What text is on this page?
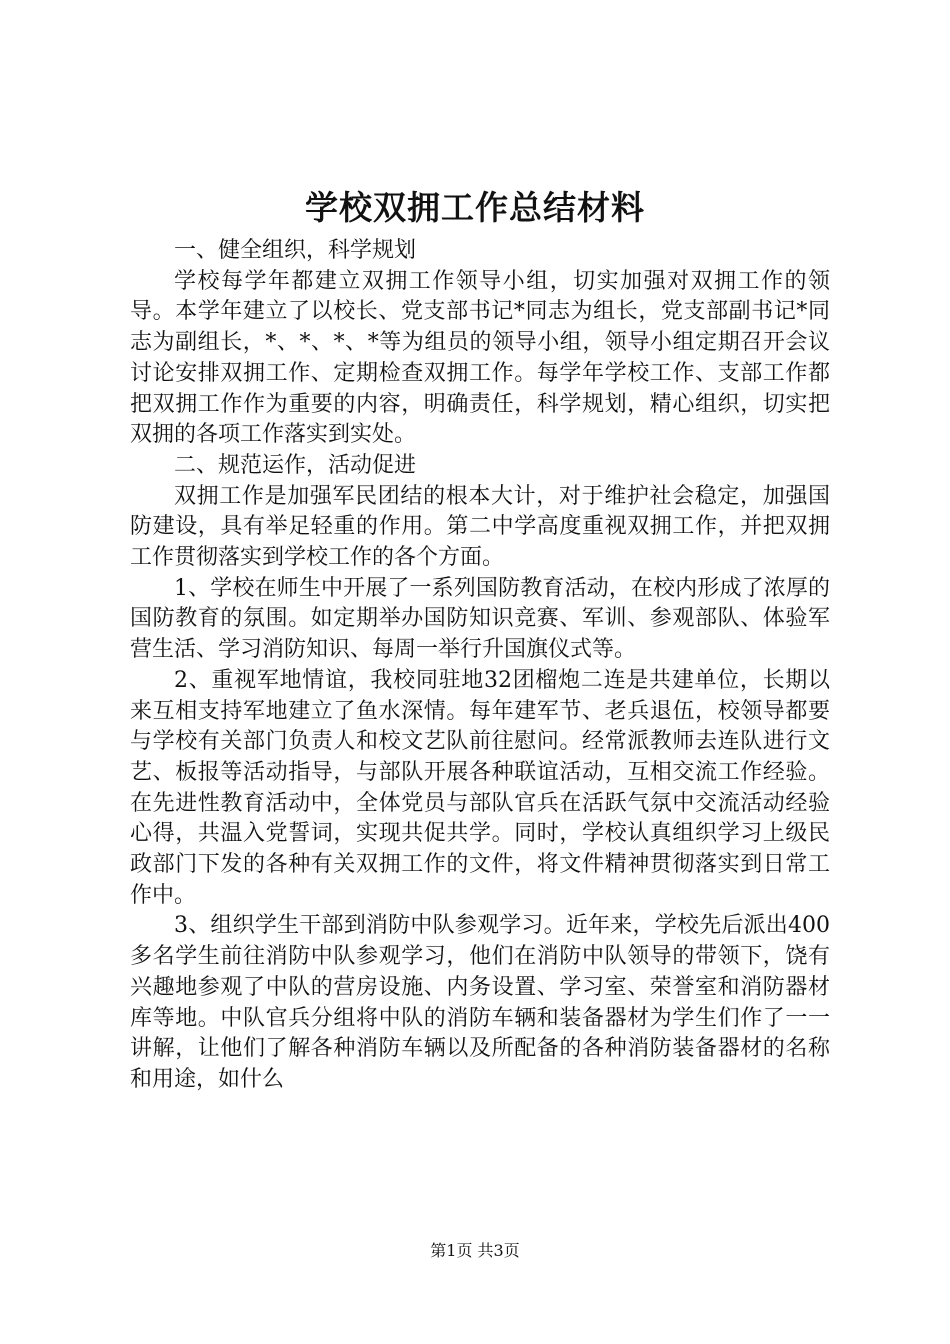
学校双拥工作总结材料

一、健全组织，科学规划

学校每学年都建立双拥工作领导小组，切实加强对双拥工作的领导。本学年建立了以校长、党支部书记*同志为组长，党支部副书记*同志为副组长，*、*、*、*等为组员的领导小组，领导小组定期召开会议讨论安排双拥工作、定期检查双拥工作。每学年学校工作、支部工作都把双拥工作作为重要的内容，明确责任，科学规划，精心组织，切实把双拥的各项工作落实到实处。

二、规范运作，活动促进

双拥工作是加强军民团结的根本大计，对于维护社会稳定，加强国防建设，具有举足轻重的作用。第二中学高度重视双拥工作，并把双拥工作贯彻落实到学校工作的各个方面。

1、学校在师生中开展了一系列国防教育活动，在校内形成了浓厚的国防教育的氛围。如定期举办国防知识竞赛、军训、参观部队、体验军营生活、学习消防知识、每周一举行升国旗仪式等。

2、重视军地情谊，我校同驻地32团榴炮二连是共建单位，长期以来互相支持军地建立了鱼水深情。每年建军节、老兵退伍，校领导都要与学校有关部门负责人和校文艺队前往慰问。经常派教师去连队进行文艺、板报等活动指导，与部队开展各种联谊活动，互相交流工作经验。在先进性教育活动中，全体党员与部队官兵在活跃气氛中交流活动经验心得，共温入党誓词，实现共促共学。同时，学校认真组织学习上级民政部门下发的各种有关双拥工作的文件，将文件精神贯彻落实到日常工作中。

3、组织学生干部到消防中队参观学习。近年来，学校先后派出400多名学生前往消防中队参观学习，他们在消防中队领导的带领下，饶有兴趣地参观了中队的营房设施、内务设置、学习室、荣誉室和消防器材库等地。中队官兵分组将中队的消防车辆和装备器材为学生们作了一一讲解，让他们了解各种消防车辆以及所配备的各种消防装备器材的名称和用途，如什么

第1页 共3页
